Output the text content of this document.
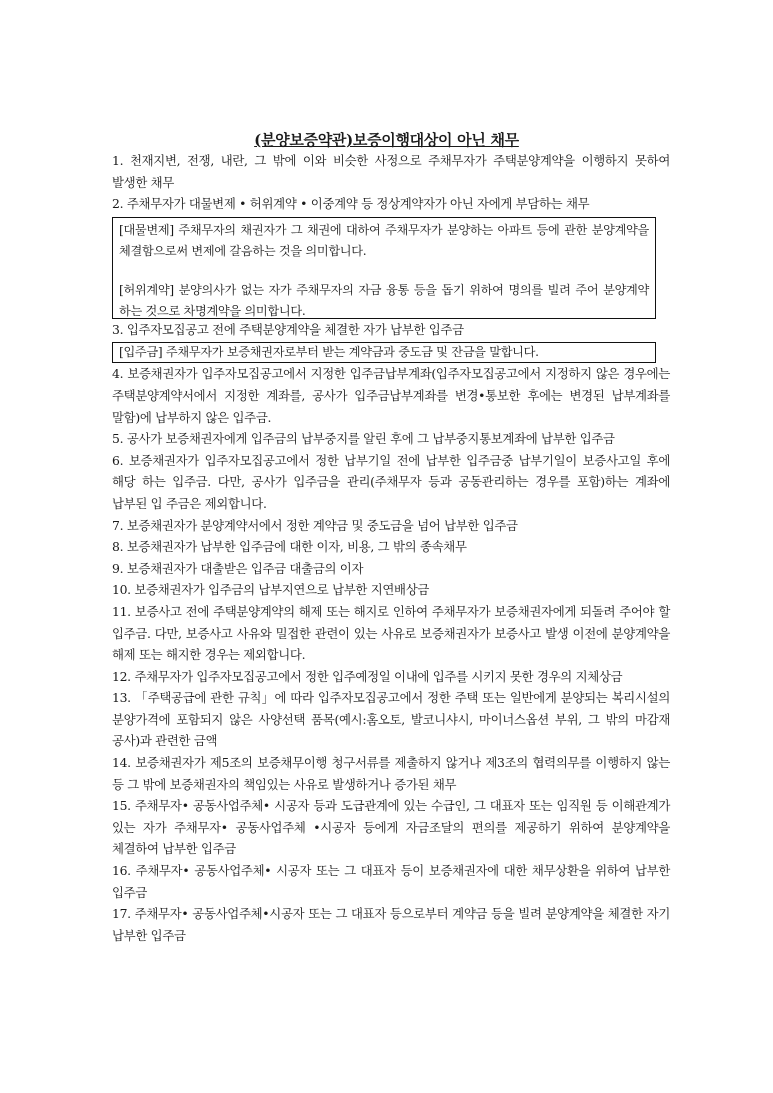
(분양보증약관)보증이행대상이 아닌 채무

1. 천재지변, 전쟁, 내란, 그 밖에 이와 비슷한 사정으로 주채무자가 주택분양계약을 이행하지 못하여 발생한 채무

2. 주채무자가 대물변제 • 허위계약 • 이중계약 등 정상계약자가 아닌 자에게 부담하는 채무

[대물변제] 주채무자의 채권자가 그 채권에 대하여 주채무자가 분양하는 아파트 등에 관한 분양계약을 체결함으로써 변제에 갈음하는 것을 의미합니다.

[허위계약] 분양의사가 없는 자가 주채무자의 자금 융통 등을 돕기 위하여 명의를 빌려 주어 분양계약 하는 것으로 차명계약을 의미합니다.

3. 입주자모집공고 전에 주택분양계약을 체결한 자가 납부한 입주금

[입주금] 주채무자가 보증채권자로부터 받는 계약금과 중도금 및 잔금을 말합니다.

4. 보증채권자가 입주자모집공고에서 지정한 입주금납부계좌(입주자모집공고에서 지정하지 않은 경우에는 주택분양계약서에서 지정한 계좌를, 공사가 입주금납부계좌를 변경•통보한 후에는 변경된 납부계좌를 말함)에 납부하지 않은 입주금.

5. 공사가 보증채권자에게 입주금의 납부중지를 알린 후에 그 납부중지통보계좌에 납부한 입주금

6. 보증채권자가 입주자모집공고에서 정한 납부기일 전에 납부한 입주금중 납부기일이 보증사고일 후에 해당 하는 입주금. 다만, 공사가 입주금을 관리(주채무자 등과 공동관리하는 경우를 포함)하는 계좌에 납부된 입 주금은 제외합니다.

7. 보증채권자가 분양계약서에서 정한 계약금 및 중도금을 넘어 납부한 입주금

8. 보증채권자가 납부한 입주금에 대한 이자, 비용, 그 밖의 종속채무

9. 보증채권자가 대출받은 입주금 대출금의 이자

10. 보증채권자가 입주금의 납부지연으로 납부한 지연배상금

11. 보증사고 전에 주택분양계약의 해제 또는 해지로 인하여 주채무자가 보증채권자에게 되돌려 주어야 할 입주금. 다만, 보증사고 사유와 밀접한 관련이 있는 사유로 보증채권자가 보증사고 발생 이전에 분양계약을 해제 또는 해지한 경우는 제외합니다.

12. 주채무자가 입주자모집공고에서 정한 입주예정일 이내에 입주를 시키지 못한 경우의 지체상금

13. 「주택공급에 관한 규칙」에 따라 입주자모집공고에서 정한 주택 또는 일반에게 분양되는 복리시설의 분양가격에 포함되지 않은 사양선택 품목(예시:홈오토, 발코니샤시, 마이너스옵션 부위, 그 밖의 마감재 공사)과 관련한 금액

14. 보증채권자가 제5조의 보증채무이행 청구서류를 제출하지 않거나 제3조의 협력의무를 이행하지 않는 등 그 밖에 보증채권자의 책임있는 사유로 발생하거나 증가된 채무

15. 주채무자• 공동사업주체• 시공자 등과 도급관계에 있는 수급인, 그 대표자 또는 임직원 등 이해관계가 있는 자가 주채무자• 공동사업주체 •시공자 등에게 자금조달의 편의를 제공하기 위하여 분양계약을 체결하여 납부한 입주금

16. 주채무자• 공동사업주체• 시공자 또는 그 대표자 등이 보증채권자에 대한 채무상환을 위하여 납부한 입주금

17. 주채무자• 공동사업주체•시공자 또는 그 대표자 등으로부터 계약금 등을 빌려 분양계약을 체결한 자기 납부한 입주금
